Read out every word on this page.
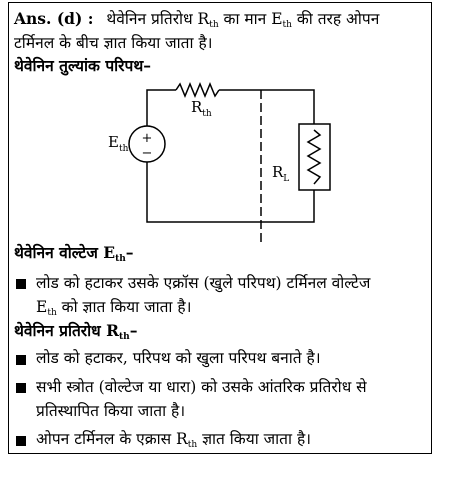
Ans. (d) : थेवेनिन प्रतिरोध $R_{th}$ का मान $E_{th}$ की तरह ओपन
टर्मिनल के बीच ज्ञात किया जाता है।
थेवेनिन तुल्यांक परिपथ–
+
−
$E_{th}$
$R_{th}$
$R_L$
थेवेनिन वोल्टेज $E_{th}-$
लोड को हटाकर उसके एक्रॉस (खुले परिपथ) टर्मिनल वोल्टेज
$E_{th}$ को ज्ञात किया जाता है।
थेवेनिन प्रतिरोध $R_{th}-$
लोड को हटाकर, परिपथ को खुला परिपथ बनाते है।
सभी स्त्रोत (वोल्टेज या धारा) को उसके आंतरिक प्रतिरोध से
प्रतिस्थापित किया जाता है।
ओपन टर्मिनल के एक्रास $R_{th}$ ज्ञात किया जाता है।
